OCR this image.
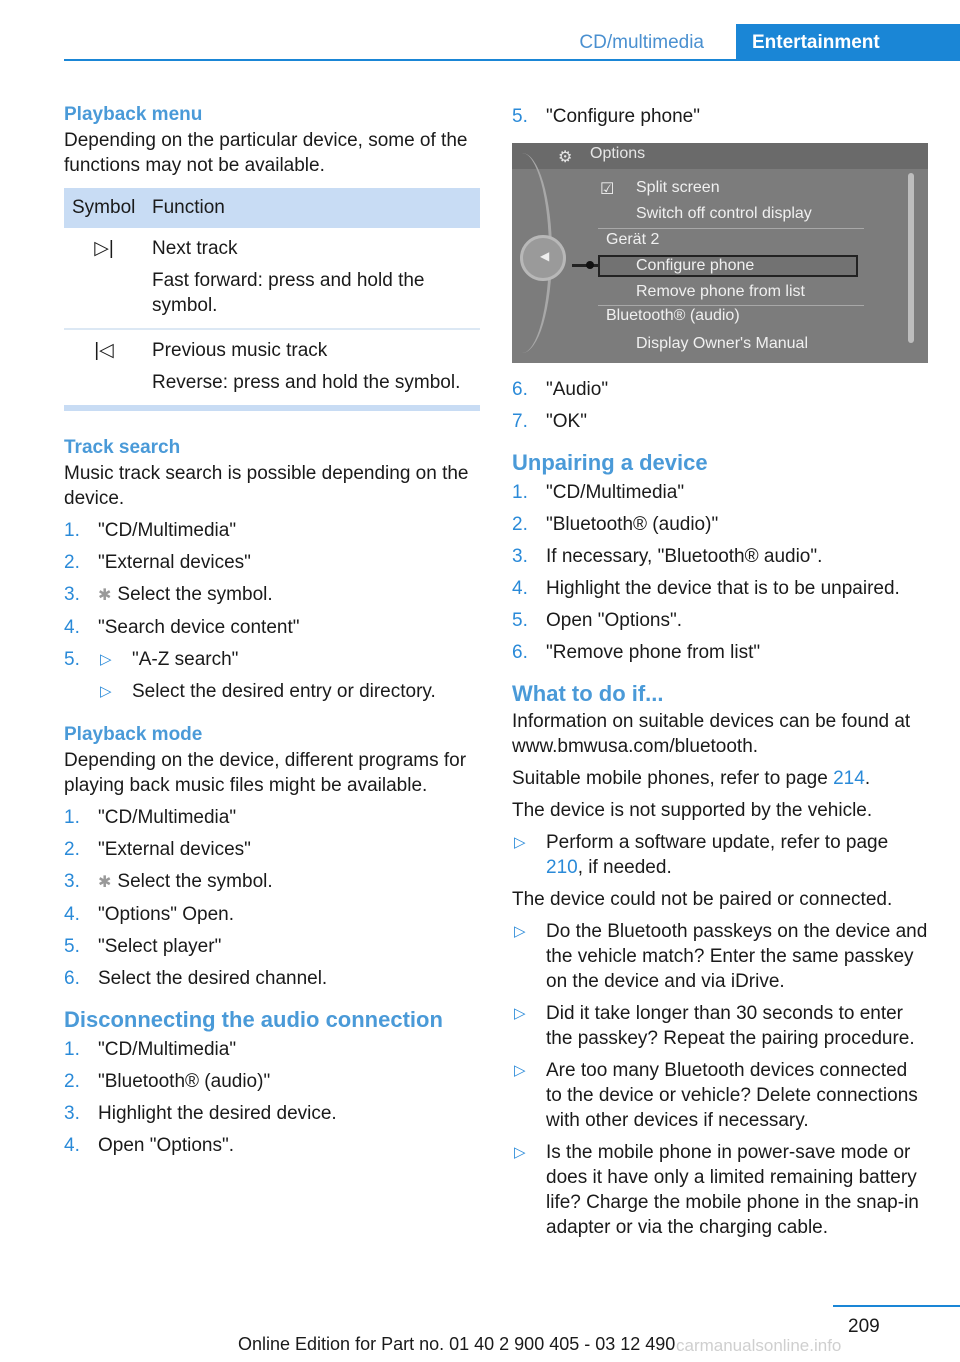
CD/multimedia	Entertainment
Playback menu

Depending on the particular device, some of the functions may not be available.

Symbol	Function
▷|	Next track

Fast forward: press and hold the symbol.

|◁	Previous music track

Reverse: press and hold the symbol.

Track search

Music track search is possible depending on the device.

1. "CD/Multimedia"
2. "External devices"
3. ✱ Select the symbol.
4. "Search device content"
5. ▷ "A-Z search"
▷ Select the desired entry or directory.
Playback mode

Depending on the device, different programs for playing back music files might be available.

1. "CD/Multimedia"
2. "External devices"
3. ✱ Select the symbol.
4. "Options" Open.
5. "Select player"
6. Select the desired channel.
Disconnecting the audio connection
1. "CD/Multimedia"
2. "Bluetooth® (audio)"
3. Highlight the desired device.
4. Open "Options".
5. "Configure phone"
⚙ Options
◀
☑ Split screen
Switch off control display
Gerät 2
Configure phone
Remove phone from list
Bluetooth® (audio)
Display Owner's Manual
6. "Audio"
7. "OK"
Unpairing a device
1. "CD/Multimedia"
2. "Bluetooth® (audio)"
3. If necessary, "Bluetooth® audio".
4. Highlight the device that is to be unpaired.
5. Open "Options".
6. "Remove phone from list"
What to do if...

Information on suitable devices can be found at www.bmwusa.com/bluetooth.

Suitable mobile phones, refer to page 214.

The device is not supported by the vehicle.

▷ Perform a software update, refer to page 210, if needed.

The device could not be paired or connected.

▷ Do the Bluetooth passkeys on the device and the vehicle match? Enter the same passkey on the device and via iDrive.
▷ Did it take longer than 30 seconds to enter the passkey? Repeat the pairing procedure.
▷ Are too many Bluetooth devices connected to the device or vehicle? Delete connections with other devices if necessary.
▷ Is the mobile phone in power-save mode or does it have only a limited remaining battery life? Charge the mobile phone in the snap-in adapter or via the charging cable.
209
Online Edition for Part no. 01 40 2 900 405 - 03 12 490 carmanualsonline.info
